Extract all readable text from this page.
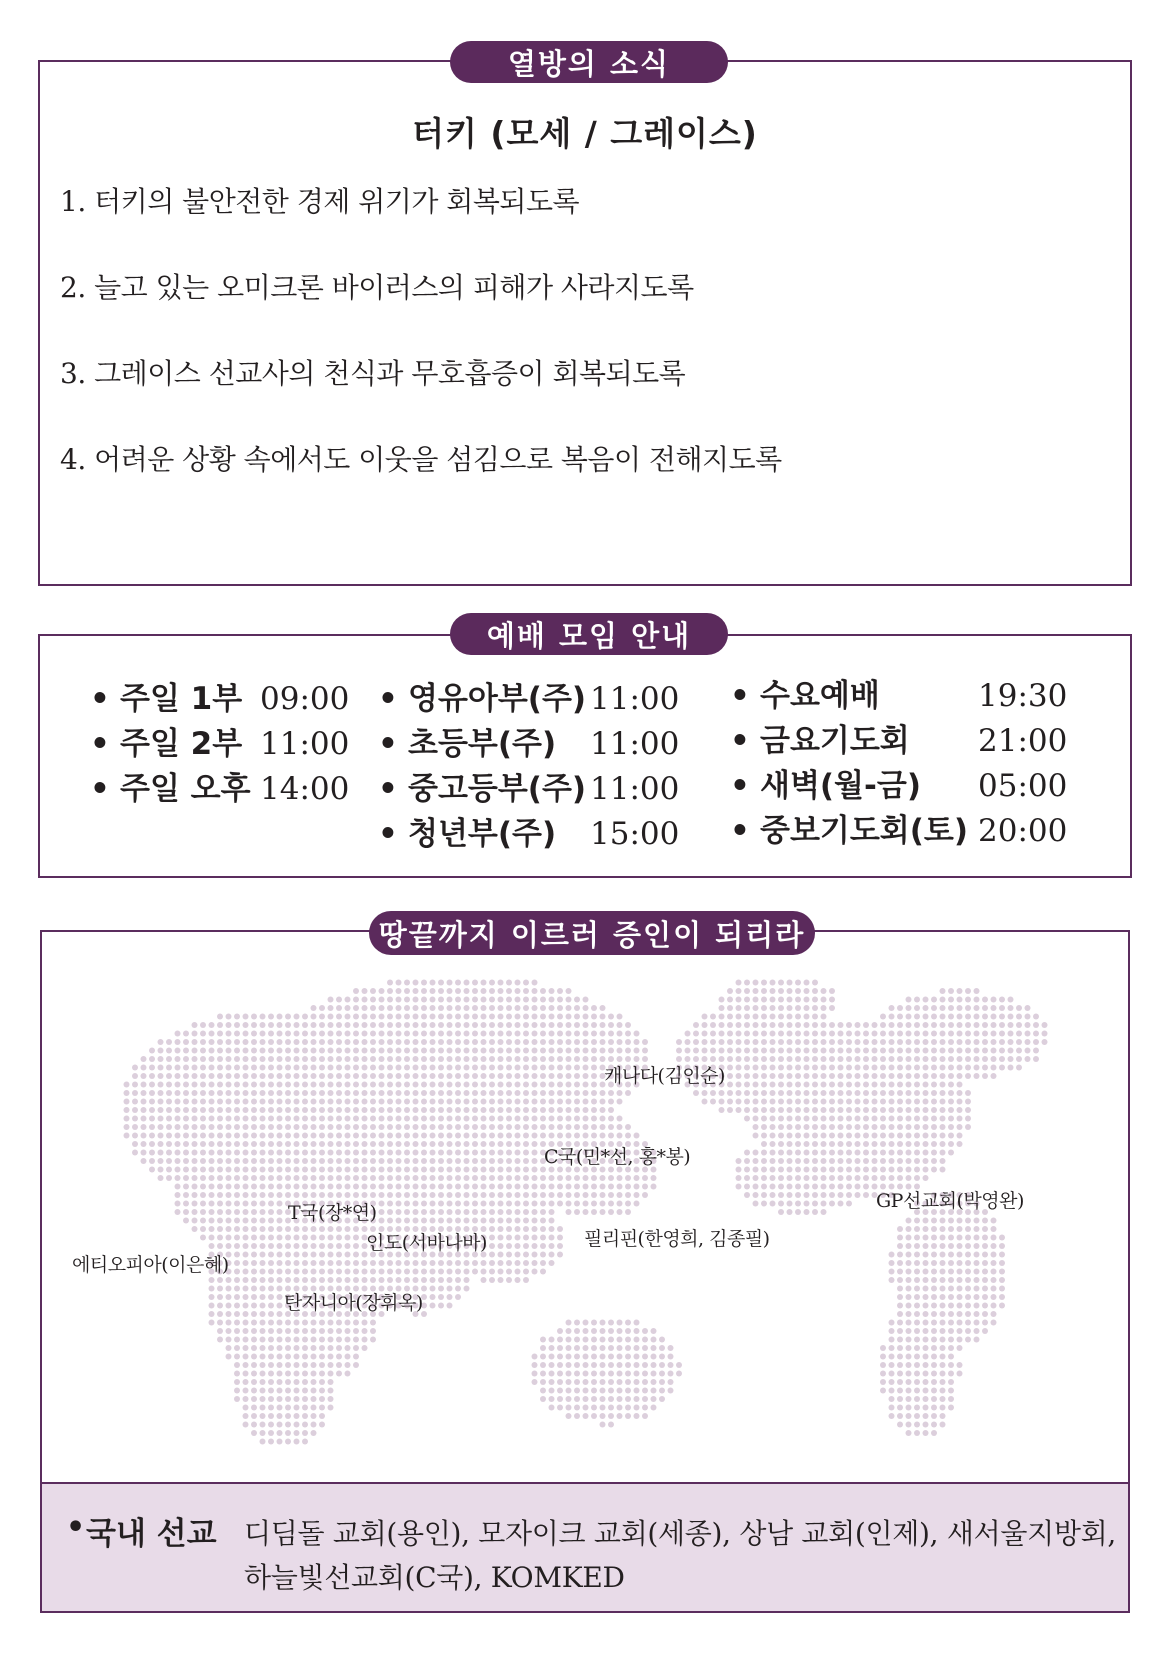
열방의 소식
터키 (모세 / 그레이스)
1. 터키의 불안전한 경제 위기가 회복되도록
2. 늘고 있는 오미크론 바이러스의 피해가 사라지도록
3. 그레이스 선교사의 천식과 무호흡증이 회복되도록
4. 어려운 상황 속에서도 이웃을 섬김으로 복음이 전해지도록
예배 모임 안내
• 주일 1부 09:00
• 주일 2부 11:00
• 주일 오후 14:00
• 영유아부(주) 11:00
• 초등부(주) 11:00
• 중고등부(주) 11:00
• 청년부(주) 15:00
• 수요예배	19:30
• 금요기도회 21:00
• 새벽(월-금) 05:00
• 중보기도회(토) 20:00
땅끝까지 이르러 증인이 되리라
캐나다(김인순)
C국(민*선, 홍*봉)
GP선교회(박영완)
T국(장*연)
인도(서바나바)	필리핀(한영희, 김종필)
에티오피아(이은혜)
탄자니아(장휘옥)
• 국내 선교 디딤돌 교회(용인), 모자이크 교회(세종), 상남 교회(인제), 새서울지방회,
하늘빛선교회(C국), KOMKED
